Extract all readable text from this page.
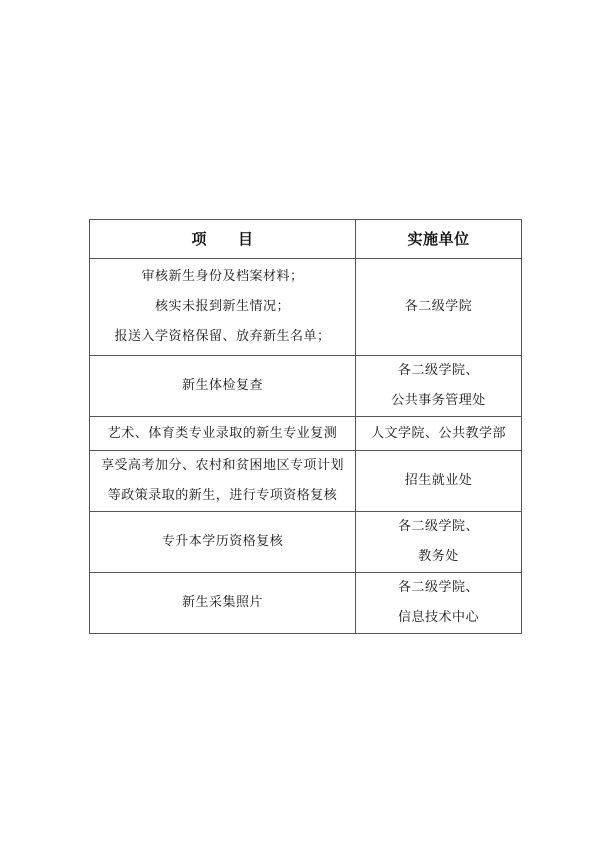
项　　目	实施单位

审核新生身份及档案材料；
核实未报到新生情况；
报送入学资格保留、放弃新生名单；	各二级学院

新生体检复查	各二级学院、
公共事务管理处

艺术、体育类专业录取的新生专业复测	人文学院、公共教学部

享受高考加分、农村和贫困地区专项计划
等政策录取的新生，进行专项资格复核	招生就业处

专升本学历资格复核	各二级学院、
教务处

新生采集照片	各二级学院、
信息技术中心
